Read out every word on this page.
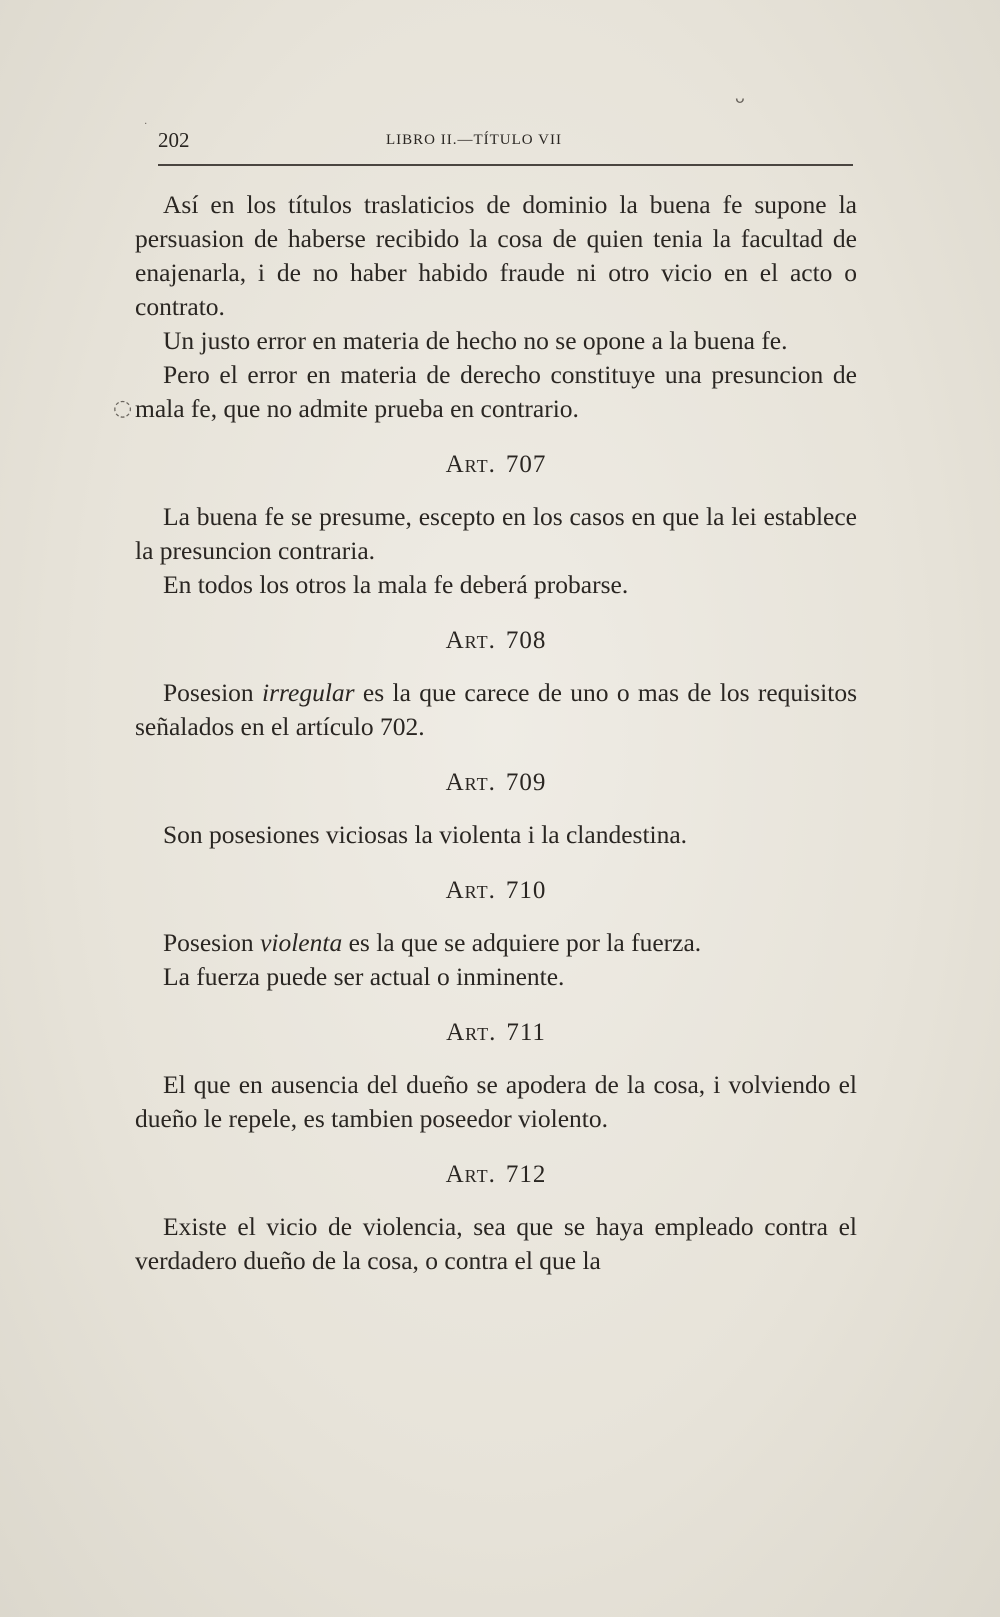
٠
ᴗ
◌
202	LIBRO II.—TÍTULO VII

Así en los títulos traslaticios de dominio la buena fe supone la persuasion de haberse recibido la cosa de quien tenia la facultad de enajenarla, i de no haber habido fraude ni otro vicio en el acto o contrato.

Un justo error en materia de hecho no se opone a la buena fe.

Pero el error en materia de derecho constituye una presuncion de mala fe, que no admite prueba en contrario.

Art. 707

La buena fe se presume, escepto en los casos en que la lei establece la presuncion contraria.

En todos los otros la mala fe deberá probarse.

Art. 708

Posesion irregular es la que carece de uno o mas de los requisitos señalados en el artículo 702.

Art. 709

Son posesiones viciosas la violenta i la clandestina.

Art. 710

Posesion violenta es la que se adquiere por la fuerza.

La fuerza puede ser actual o inminente.

Art. 711

El que en ausencia del dueño se apodera de la cosa, i volviendo el dueño le repele, es tambien poseedor violento.

Art. 712

Existe el vicio de violencia, sea que se haya empleado contra el verdadero dueño de la cosa, o contra el que la
